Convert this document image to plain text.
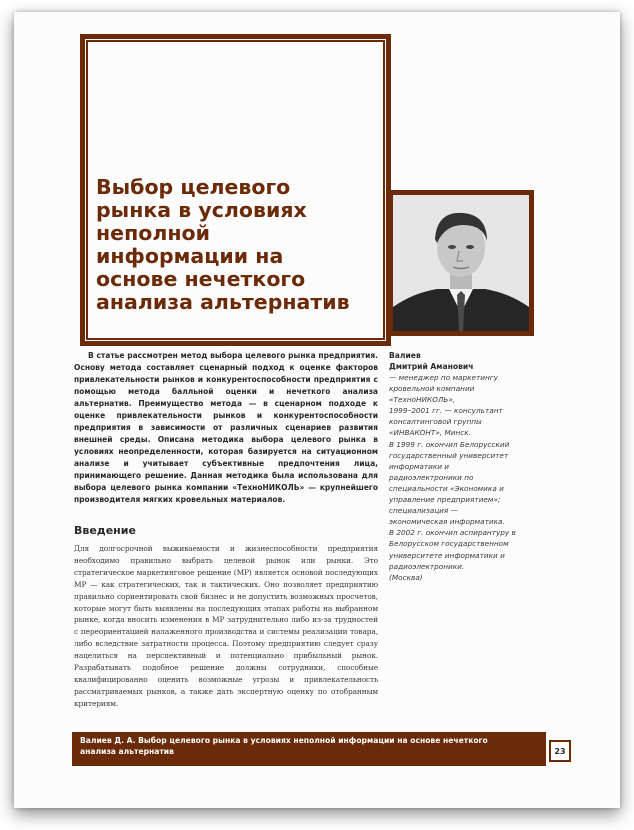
Выбор целевого
рынка в условиях
неполной
информации на
основе нечеткого
анализа альтернатив
В статье рассмотрен метод выбора целевого рынка предприятия. Основу метода составляет сценарный подход к оценке факторов привлекательности рынков и конкурентоспособности предприятия с помощью метода балльной оценки и нечеткого анализа альтернатив. Преимущество метода — в сценарном подходе к оценке привлекательности рынков и конкурентоспособности предприятия в зависимости от различных сценариев развития внешней среды. Описана методика выбора целевого рынка в условиях неопределенности, которая базируется на ситуационном анализе и учитывает субъективные предпочтения лица, принимающего решение. Данная методика была использована для выбора целевого рынка компании «ТехноНИКОЛЬ» — крупнейшего производителя мягких кровельных материалов.
Введение
Для долгосрочной выживаемости и жизнеспособности предприятия необходимо правильно выбрать целевой рынок или рынки. Это стратегическое маркетинговое решение (МР) является основой последующих МР — как стратегических, так и тактических. Оно позволяет предприятию правильно сориентировать свой бизнес и не допустить возможных просчетов, которые могут быть выявлены на последующих этапах работы на выбранном рынке, когда вносить изменения в МР затруднительно либо из-за трудностей с переориентацией налаженного производства и системы реализации товара, либо вследствие затратности процесса. Поэтому предприятию следует сразу нацелиться на перспективный и потенциально прибыльный рынок. Разрабатывать подобное решение должны сотрудники, способные квалифицированно оценить возможные угрозы и привлекательность рассматриваемых рынков, а также дать экспертную оценку по отобранным критериям.
Валиев
Дмитрий Аманович
— менеджер по маркетингу
кровельной компании
«ТехноНИКОЛЬ»,
1999–2001 гг. — консультант
консалтинговой группы
«ИНВАКОНТ», Минск.
В 1999 г. окончил Белорусский
государственный университет
информатики и
радиоэлектроники по
специальности «Экономика и
управление предприятием»;
специализация —
экономическая информатика.
В 2002 г. окончил аспирантуру в
Белорусском государственном
университете информатики и
радиоэлектроники.
(Москва)
Валиев Д. А. Выбор целевого рынка в условиях неполной информации на основе нечеткого анализа альтернатив	23
